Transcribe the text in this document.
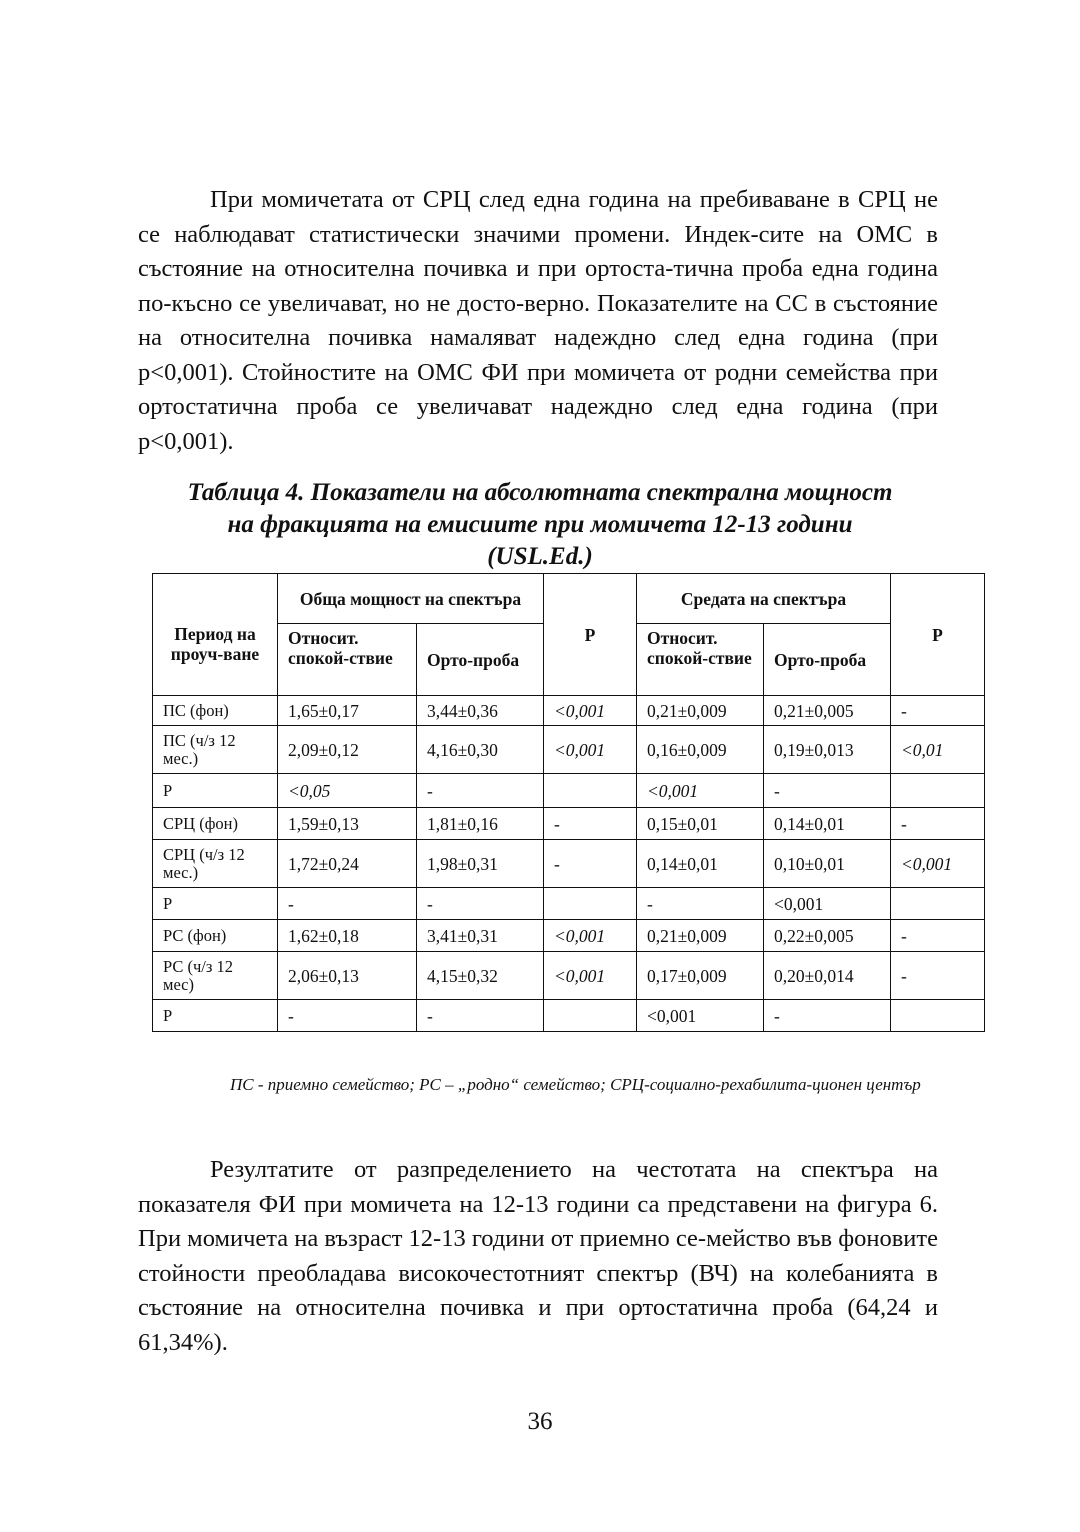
При момичетата от СРЦ след една година на пребиваване в СРЦ не се наблюдават статистически значими промени. Индек-сите на ОМС в състояние на относителна почивка и при ортоста-тична проба една година по-късно се увеличават, но не досто-верно. Показателите на СС в състояние на относителна почивка намаляват надеждно след една година (при p<0,001). Стойностите на ОМС ФИ при момичета от родни семейства при ортостатична проба се увеличават надеждно след една година (при p<0,001).

Таблица 4. Показатели на абсолютната спектрална мощност
на фракцията на емисиите при момичета 12-13 години
(USL.Ed.)
Период на проуч-ване	Обща мощност на спектъра		P	Средата на спектъра		P
	Относит. спокой-ствие	Орто-проба		Относит. спокой-ствие	Орто-проба	
ПС (фон)	1,65±0,17	3,44±0,36	<0,001	0,21±0,009	0,21±0,005	-
ПС (ч/з 12 мес.)	2,09±0,12	4,16±0,30	<0,001	0,16±0,009	0,19±0,013	<0,01
P	<0,05	-		<0,001	-	
СРЦ (фон)	1,59±0,13	1,81±0,16	-	0,15±0,01	0,14±0,01	-
СРЦ (ч/з 12 мес.)	1,72±0,24	1,98±0,31	-	0,14±0,01	0,10±0,01	<0,001
P	-	-		-	<0,001	
РС (фон)	1,62±0,18	3,41±0,31	<0,001	0,21±0,009	0,22±0,005	-
РС (ч/з 12 мес)	2,06±0,13	4,15±0,32	<0,001	0,17±0,009	0,20±0,014	-
P	-	-		<0,001	-	

ПС - приемно семейство; РС – „родно“ семейство; СРЦ-социално-рехабилита-ционен център

Резултатите от разпределението на честотата на спектъра на показателя ФИ при момичета на 12-13 години са представени на фигура 6. При момичета на възраст 12-13 години от приемно се-мейство във фоновите стойности преобладава високочестотният спектър (ВЧ) на колебанията в състояние на относителна почивка и при ортостатична проба (64,24 и 61,34%).

36
